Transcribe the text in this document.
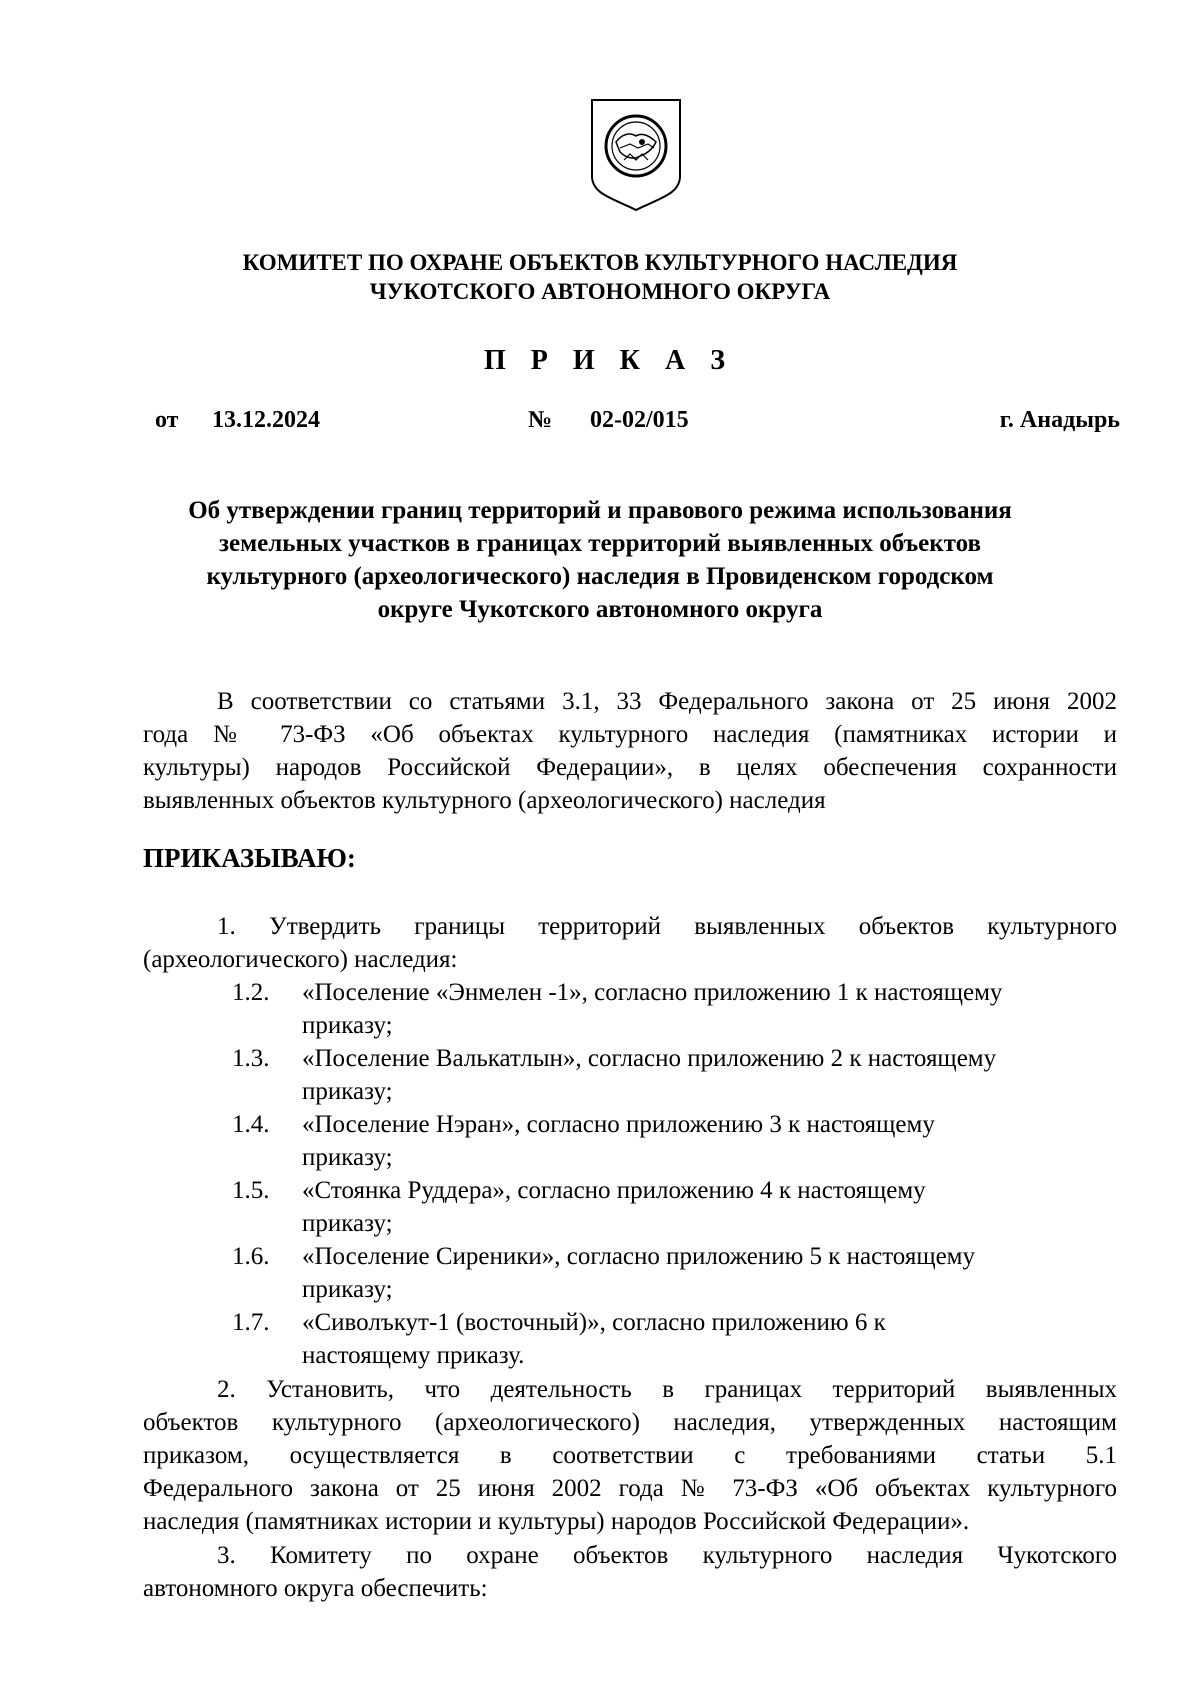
КОМИТЕТ ПО ОХРАНЕ ОБЪЕКТОВ КУЛЬТУРНОГО НАСЛЕДИЯ
ЧУКОТСКОГО АВТОНОМНОГО ОКРУГА
П Р И К А З
от 13.12.2024	№ 02-02/015	г. Анадырь
Об утверждении границ территорий и правового режима использования
земельных участков в границах территорий выявленных объектов
культурного (археологического) наследия в Провиденском городском
округе Чукотского автономного округа
В соответствии со статьями 3.1, 33 Федерального закона от 25 июня 2002
года № 73-ФЗ «Об объектах культурного наследия (памятниках истории и
культуры) народов Российской Федерации», в целях обеспечения сохранности
выявленных объектов культурного (археологического) наследия
ПРИКАЗЫВАЮ:
1. Утвердить границы территорий выявленных объектов культурного
(археологического) наследия:
1.2. «Поселение «Энмелен -1», согласно приложению 1 к настоящему
приказу;
1.3. «Поселение Валькатлын», согласно приложению 2 к настоящему
приказу;
1.4. «Поселение Нэран», согласно приложению 3 к настоящему
приказу;
1.5. «Стоянка Руддера», согласно приложению 4 к настоящему
приказу;
1.6. «Поселение Сиреники», согласно приложению 5 к настоящему
приказу;
1.7. «Сиволъкут-1 (восточный)», согласно приложению 6 к
настоящему приказу.
2. Установить, что деятельность в границах территорий выявленных
объектов культурного (археологического) наследия, утвержденных настоящим
приказом, осуществляется в соответствии с требованиями статьи 5.1
Федерального закона от 25 июня 2002 года № 73-ФЗ «Об объектах культурного
наследия (памятниках истории и культуры) народов Российской Федерации».
3. Комитету по охране объектов культурного наследия Чукотского
автономного округа обеспечить:
